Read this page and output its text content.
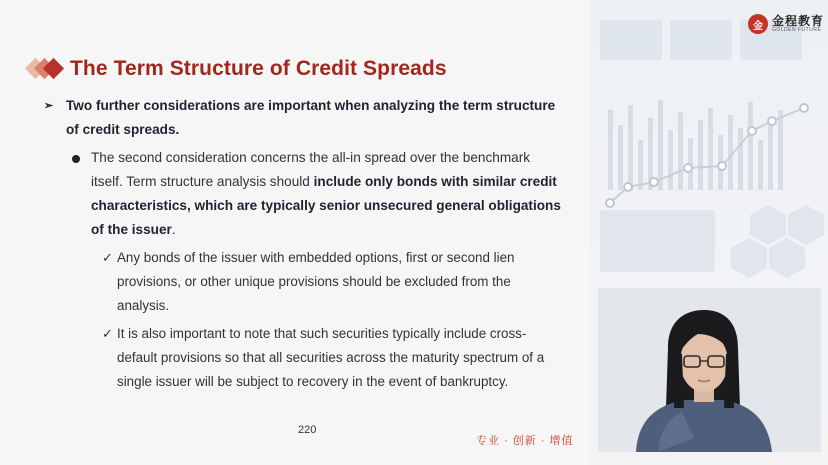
金 金程教育
GOLDEN FUTURE
The Term Structure of Credit Spreads
➢ Two further considerations are important when analyzing the term structure of credit spreads.
The second consideration concerns the all-in spread over the benchmark itself. Term structure analysis should include only bonds with similar credit characteristics, which are typically senior unsecured general obligations of the issuer.
✓ Any bonds of the issuer with embedded options, first or second lien provisions, or other unique provisions should be excluded from the analysis.
✓ It is also important to note that such securities typically include cross-default provisions so that all securities across the maturity spectrum of a single issuer will be subject to recovery in the event of bankruptcy.
220
专业 · 创新 · 增值
